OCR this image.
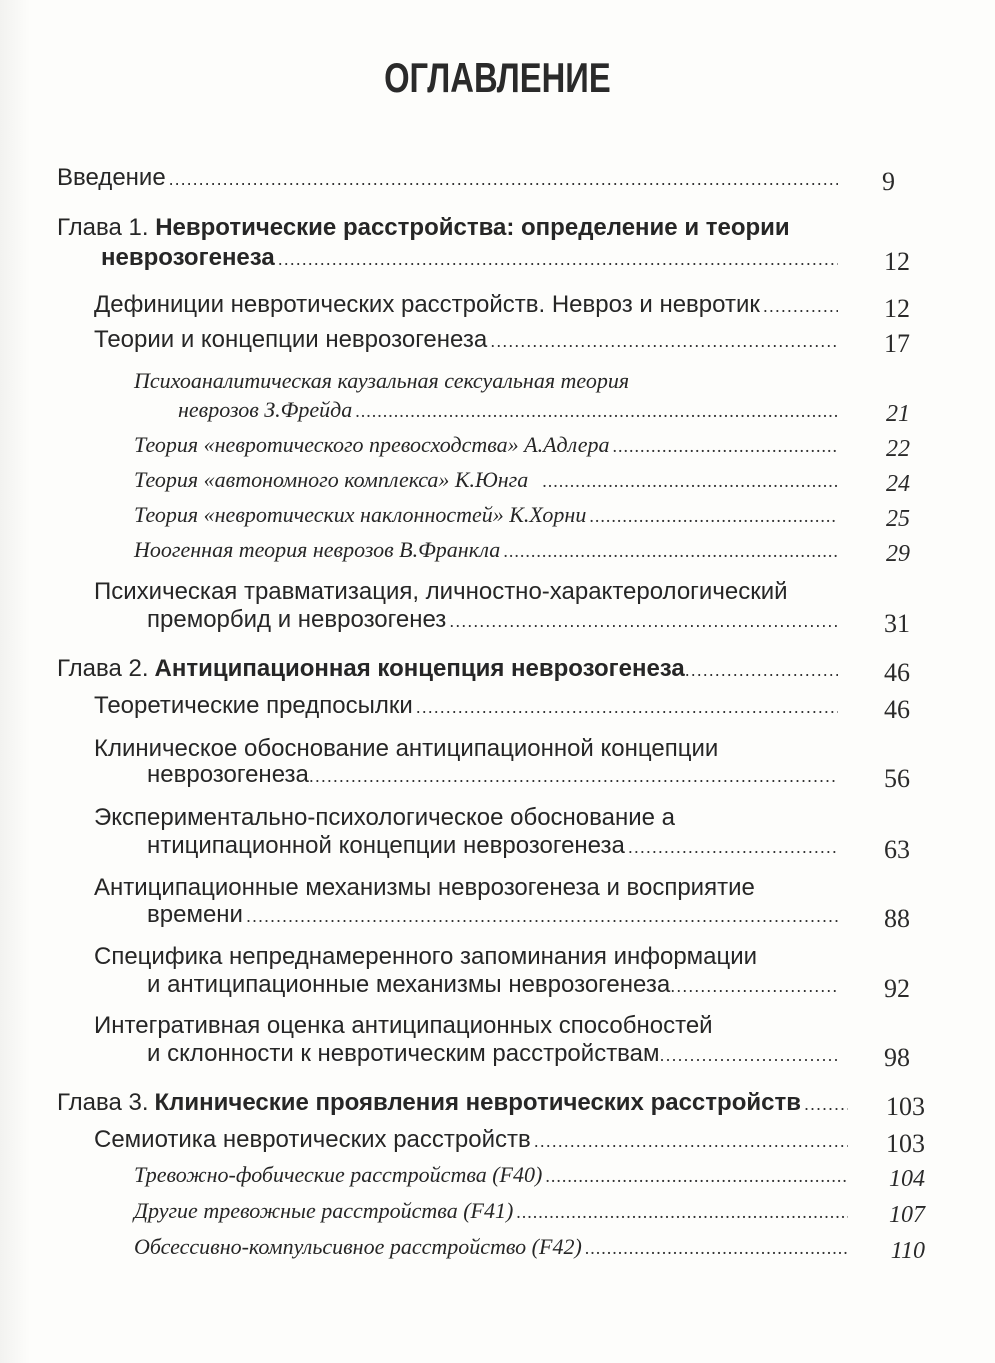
ОГЛАВЛЕНИЕ
Введение .....	9
Глава 1. Невротические расстройства: определение и теории
неврозогенеза .....	12
Дефиниции невротических расстройств. Невроз и невротик .....	12
Теории и концепции неврозогенеза .....	17
Психоаналитическая каузальная сексуальная теория
неврозов З.Фрейда .....	21
Теория «невротического превосходства» А.Адлера .....	22
Теория «автономного комплекса» К.Юнга .....	24
Теория «невротических наклонностей» К.Хорни .....	25
Ноогенная теория неврозов В.Франкла .....	29
Психическая травматизация, личностно-характерологический
преморбид и неврозогенез .....	31
Глава 2. Антиципационная концепция неврозогенеза .....	46
Теоретические предпосылки .....	46
Клиническое обоснование антиципационной концепции
неврозогенеза .....	56
Экспериментально-психологическое обоснование а
нтиципационной концепции неврозогенеза .....	63
Антиципационные механизмы неврозогенеза и восприятие
времени .....	88
Специфика непреднамеренного запоминания информации
и антиципационные механизмы неврозогенеза .....	92
Интегративная оценка антиципационных способностей
и склонности к невротическим расстройствам .....	98
Глава 3. Клинические проявления невротических расстройств .....	103
Семиотика невротических расстройств .....	103
Тревожно-фобические расстройства (F40) .....	104
Другие тревожные расстройства (F41) .....	107
Обсессивно-компульсивное расстройство (F42) .....	110
